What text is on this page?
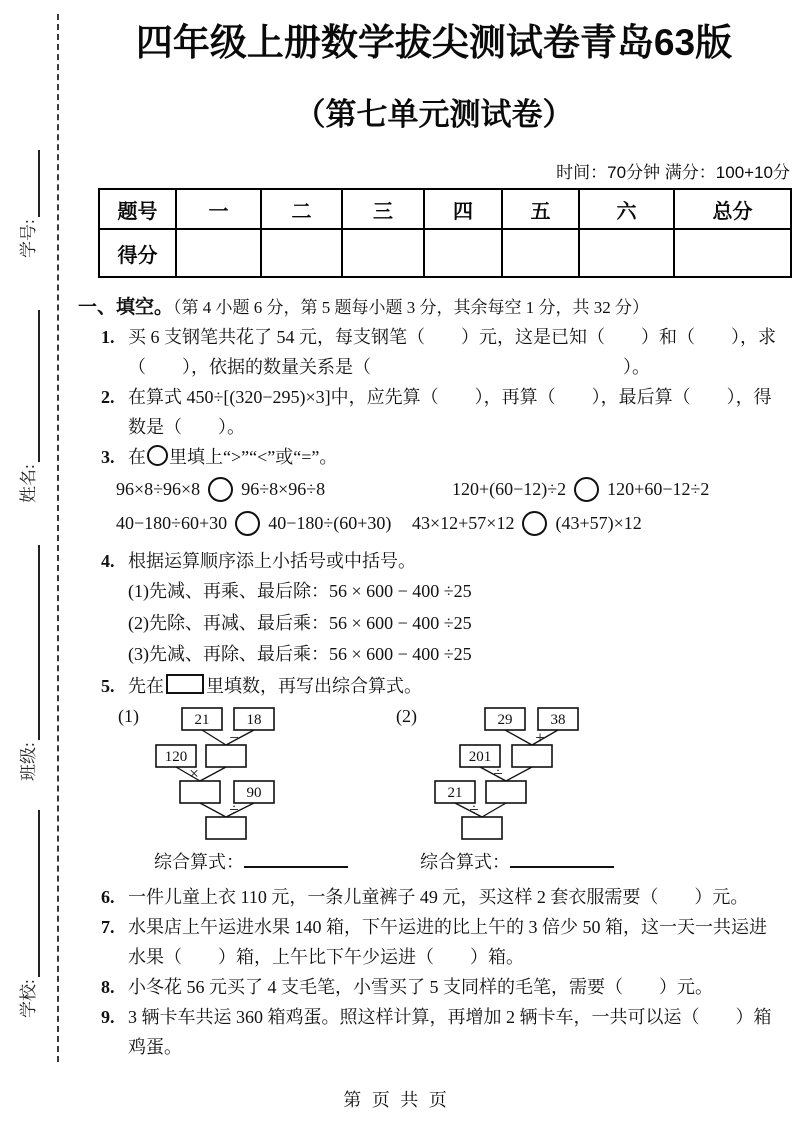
学号:
姓名:
班级:
学校:
四年级上册数学拔尖测试卷青岛63版
（第七单元测试卷）
时间：70分钟 满分：100+10分
题号	一	二	三	四	五	六	总分
得分							
一、填空。（第 4 小题 6 分，第 5 题每小题 3 分，其余每空 1 分，共 32 分）
1. 买 6 支钢笔共花了 54 元，每支钢笔（　　）元，这是已知（　　）和（　　），求
（　　），依据的数量关系是（　　　　　　　　　　　　　　）。
2. 在算式 450÷[(320−295)×3]中，应先算（　　），再算（　　），最后算（　　），得
数是（　　）。
3. 在 里填上“>”“<”或“=”。
96×8÷96×8 96÷8×96÷8	120+(60−12)÷2 120+60−12÷2
40−180÷60+30 40−180÷(60+30) 43×12+57×12 (43+57)×12
4. 根据运算顺序添上小括号或中括号。
(1)先减、再乘、最后除：56 × 600 − 400 ÷25
(2)先除、再减、最后乘：56 × 600 − 400 ÷25
(3)先减、再除、最后乘：56 × 600 − 400 ÷25
5. 先在 里填数，再写出综合算式。
(1)	21 18
120
90
−
×
÷
(2)	29	38
201
21
+
÷
÷
综合算式：	综合算式：
6. 一件儿童上衣 110 元，一条儿童裤子 49 元，买这样 2 套衣服需要（　　）元。
7. 水果店上午运进水果 140 箱，下午运进的比上午的 3 倍少 50 箱，这一天一共运进
水果（　　）箱，上午比下午少运进（　　）箱。
8. 小冬花 56 元买了 4 支毛笔，小雪买了 5 支同样的毛笔，需要（　　）元。
9. 3 辆卡车共运 360 箱鸡蛋。照这样计算，再增加 2 辆卡车，一共可以运（　　）箱
鸡蛋。
第 页 共 页
